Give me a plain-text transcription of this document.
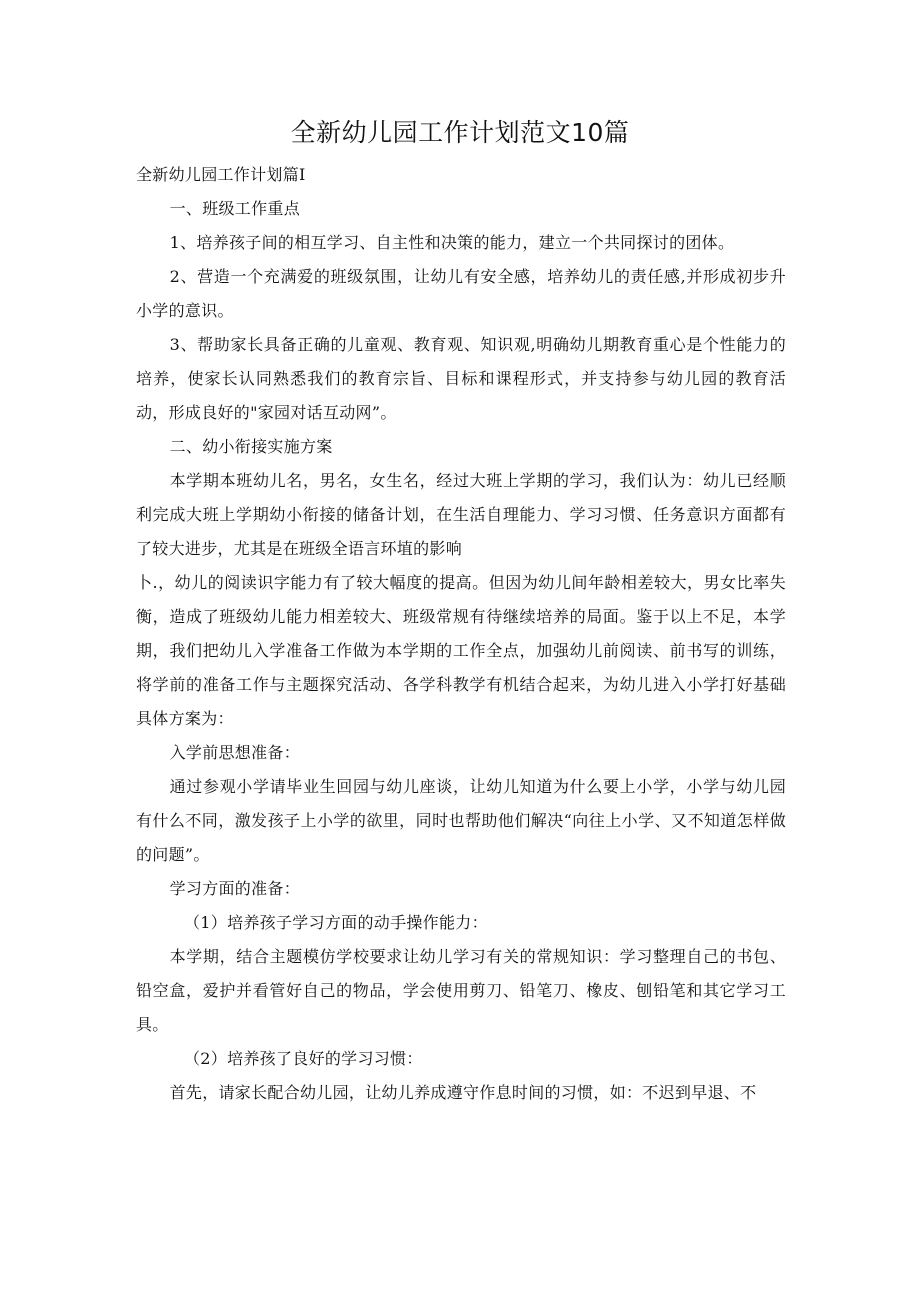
全新幼儿园工作计划范文10篇

全新幼儿园工作计划篇I

一、班级工作重点

1、培养孩子间的相互学习、自主性和决策的能力，建立一个共同探讨的团体。

2、营造一个充满爱的班级氛围，让幼儿有安全感，培养幼儿的责任感,并形成初步升小学的意识。

3、帮助家长具备正确的儿童观、教育观、知识观,明确幼儿期教育重心是个性能力的培养，使家长认同熟悉我们的教育宗旨、目标和课程形式，并支持参与幼儿园的教育活动，形成良好的"家园对话互动网”。

二、幼小衔接实施方案

本学期本班幼儿名，男名，女生名，经过大班上学期的学习，我们认为：幼儿已经顺利完成大班上学期幼小衔接的储备计划，在生活自理能力、学习习惯、任务意识方面都有了较大进步，尤其是在班级全语言环埴的影响

卜.，幼儿的阅读识字能力有了较大幅度的提高。但因为幼儿间年龄相差较大，男女比率失衡，造成了班级幼儿能力相差较大、班级常规有待继续培养的局面。鉴于以上不足，本学期，我们把幼儿入学准备工作做为本学期的工作全点，加强幼儿前阅读、前书写的训练，将学前的准备工作与主题探究活动、各学科教学有机结合起来，为幼儿进入小学打好基础具体方案为：

入学前思想准备：

通过参观小学请毕业生回园与幼儿座谈，让幼儿知道为什么要上小学，小学与幼儿园有什么不同，激发孩子上小学的欲里，同时也帮助他们解决“向往上小学、又不知道怎样做的问题”。

学习方面的准备：

（1）培养孩子学习方面的动手操作能力：

本学期，结合主题模仿学校要求让幼儿学习有关的常规知识：学习整理自己的书包、铅空盒，爱护并看管好自己的物品，学会使用剪刀、铅笔刀、橡皮、刨铅笔和其它学习工具。

（2）培养孩了良好的学习习惯：

首先，请家长配合幼儿园，让幼儿养成遵守作息时间的习惯，如：不迟到早退、不
